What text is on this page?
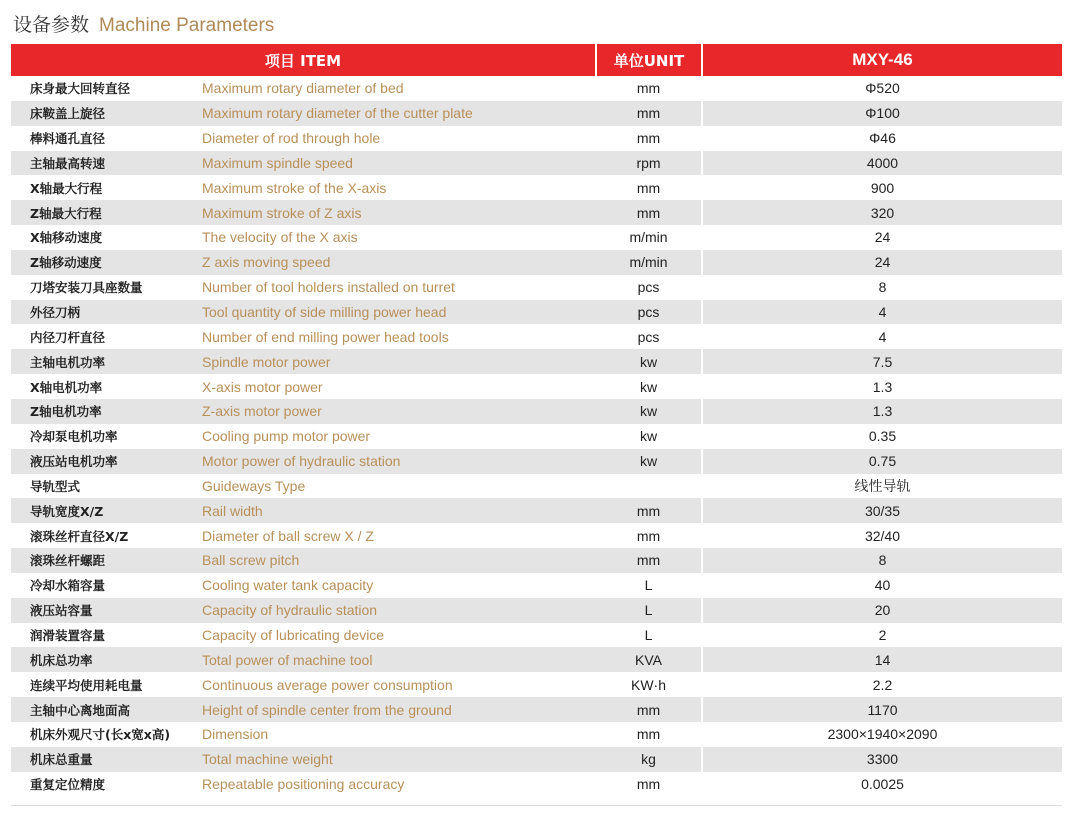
设备参数 Machine Parameters
项目 ITEM	单位UNIT	MXY-46

床身最大回转直径 Maximum rotary diameter of bed	mm	Φ520

床鞍盖上旋径 Maximum rotary diameter of the cutter plate	mm	Φ100

棒料通孔直径 Diameter of rod through hole	mm	Φ46

主轴最高转速 Maximum spindle speed	rpm	4000

X轴最大行程 Maximum stroke of the X-axis	mm	900

Z轴最大行程 Maximum stroke of Z axis	mm	320

X轴移动速度 The velocity of the X axis	m/min	24

Z轴移动速度 Z axis moving speed	m/min	24

刀塔安装刀具座数量 Number of tool holders installed on turret	pcs	8

外径刀柄 Tool quantity of side milling power head	pcs	4

内径刀杆直径 Number of end milling power head tools	pcs	4

主轴电机功率 Spindle motor power	kw	7.5

X轴电机功率 X-axis motor power	kw	1.3

Z轴电机功率 Z-axis motor power	kw	1.3

冷却泵电机功率 Cooling pump motor power	kw	0.35

液压站电机功率 Motor power of hydraulic station	kw	0.75

导轨型式 Guideways Type		线性导轨

导轨宽度X/Z Rail width	mm	30/35

滚珠丝杆直径X/Z Diameter of ball screw X / Z	mm	32/40

滚珠丝杆螺距 Ball screw pitch	mm	8

冷却水箱容量 Cooling water tank capacity	L	40

液压站容量 Capacity of hydraulic station	L	20

润滑装置容量 Capacity of lubricating device	L	2

机床总功率 Total power of machine tool	KVA	14

连续平均使用耗电量 Continuous average power consumption	KW·h	2.2

主轴中心离地面高 Height of spindle center from the ground	mm	1170

机床外观尺寸(长x宽x高) Dimension	mm	2300×1940×2090

机床总重量 Total machine weight	kg	3300

重复定位精度 Repeatable positioning accuracy	mm	0.0025
